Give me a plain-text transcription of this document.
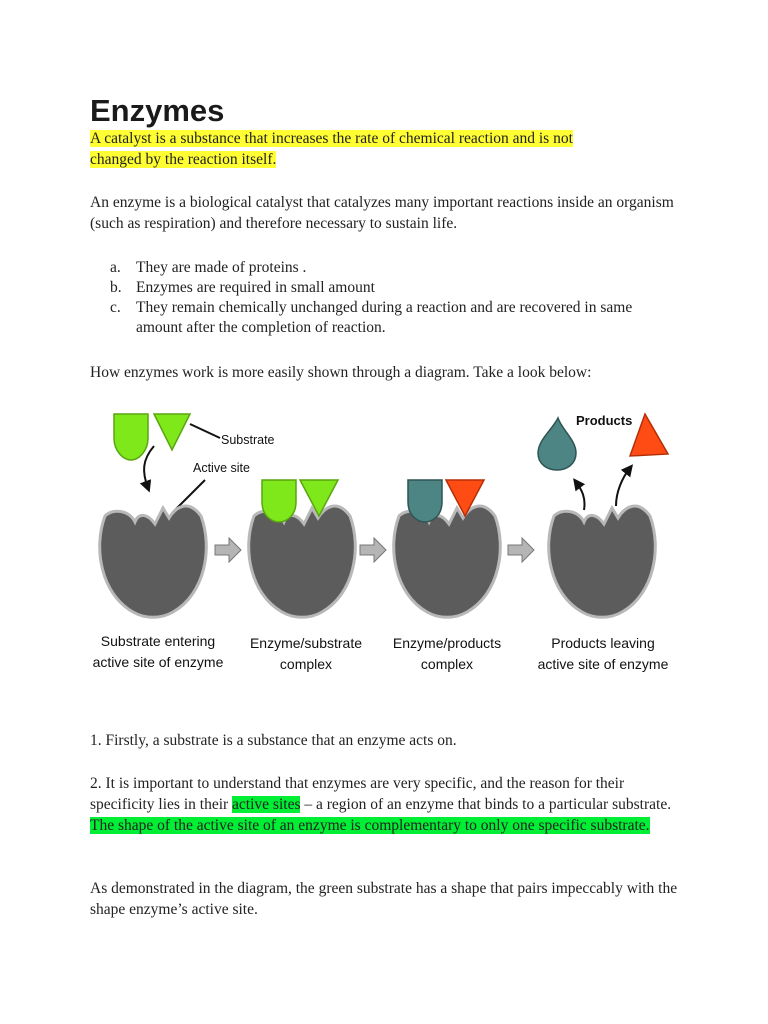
Enzymes

A catalyst is a substance that increases the rate of chemical reaction and is not
changed by the reaction itself.

An enzyme is a biological catalyst that catalyzes many important reactions inside an organism (such as respiration) and therefore necessary to sustain life.

a. They are made of proteins .
b. Enzymes are required in small amount
c. They remain chemically unchanged during a reaction and are recovered in same amount after the completion of reaction.

How enzymes work is more easily shown through a diagram. Take a look below:

Substrate
Active site
Products
Substrate entering
active site of enzyme
Enzyme/substrate
complex
Enzyme/products
complex
Products leaving
active site of enzyme

1. Firstly, a substrate is a substance that an enzyme acts on.

2. It is important to understand that enzymes are very specific, and the reason for their specificity lies in their active sites – a region of an enzyme that binds to a particular substrate. The shape of the active site of an enzyme is complementary to only one specific substrate.

As demonstrated in the diagram, the green substrate has a shape that pairs impeccably with the shape enzyme’s active site.
